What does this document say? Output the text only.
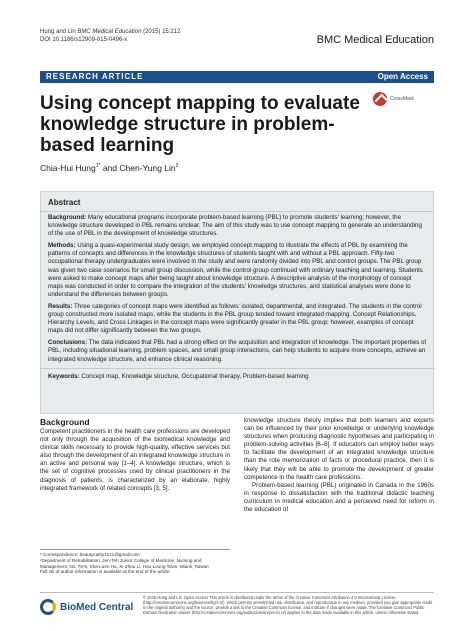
Hung and Lin BMC Medical Education (2015) 15:212
DOI 10.1186/s12909-015-0496-x	BMC Medical Education
RESEARCH ARTICLE	Open Access
Using concept mapping to evaluate knowledge structure in problem-based learning
CrossMark
Chia-Hui Hung$^{1*}$ and Chen-Yung Lin$^2$
Abstract

Background: Many educational programs incorporate problem-based learning (PBL) to promote students' learning; however, the knowledge structure developed in PBL remains unclear. The aim of this study was to use concept mapping to generate an understanding of the use of PBL in the development of knowledge structures.

Methods: Using a quasi-experimental study design, we employed concept mapping to illustrate the effects of PBL by examining the patterns of concepts and differences in the knowledge structures of students taught with and without a PBL approach. Fifty-two occupational therapy undergraduates were involved in the study and were randomly divided into PBL and control groups. The PBL group was given two case scenarios for small group discussion, while the control group continued with ordinary teaching and learning. Students were asked to make concept maps after being taught about knowledge structure. A descriptive analysis of the morphology of concept maps was conducted in order to compare the integration of the students' knowledge structures, and statistical analyses were done to understand the differences between groups.

Results: Three categories of concept maps were identified as follows: isolated, departmental, and integrated. The students in the control group constructed more isolated maps, while the students in the PBL group tended toward integrated mapping. Concept Relationships, Hierarchy Levels, and Cross Linkages in the concept maps were significantly greater in the PBL group; however, examples of concept maps did not differ significantly between the two groups.

Conclusions: The data indicated that PBL had a strong effect on the acquisition and integration of knowledge. The important properties of PBL, including situational learning, problem spaces, and small group interactions, can help students to acquire more concepts, achieve an integrated knowledge structure, and enhance clinical reasoning.

Keywords: Concept map, Knowledge structure, Occupational therapy, Problem-based learning

Background

Competent practitioners in the health care professions are developed not only through the acquisition of the biomedical knowledge and clinical skills necessary to provide high-quality, effective services but also through the development of an integrated knowledge structure in an active and personal way [1–4]. A knowledge structure, which is the set of cognitive processes used by clinical practitioners in the diagnosis of patients, is characterized by an elaborate, highly integrated framework of related concepts [3, 5].

knowledge structure theory implies that both learners and experts can be influenced by their prior knowledge or underlying knowledge structures when producing diagnostic hypotheses and participating in problem-solving activities [6–8]. If educators can employ better ways to facilitate the development of an integrated knowledge structure than the rote memorization of facts or procedural practice, then it is likely that they will be able to promote the development of greater competence in the health care professions.

Problem-based learning (PBL) originated in Canada in the 1960s in response to dissatisfaction with the traditional didactic teaching curriculum in medical education and a perceived need for reform in the education of

* Correspondence: beautycathy1121@gmail.com
¹Department of Rehabilitation, Jen-Teh Junior College of Medicine, Nursing and Management, No. 79-9, Sha-Luen Hu, Xi-Zhou Li, Hou-Loung Town, Miaoli, Taiwan
Full list of author information is available at the end of the article
BioMed Central
© 2015 Hung and Lin. Open Access This article is distributed under the terms of the Creative Commons Attribution 4.0 International License (http://creativecommons.org/licenses/by/4.0/), which permits unrestricted use, distribution, and reproduction in any medium, provided you give appropriate credit to the original author(s) and the source, provide a link to the Creative Commons license, and indicate if changes were made. The Creative Commons Public Domain Dedication waiver (http://creativecommons.org/publicdomain/zero/1.0/) applies to the data made available in this article, unless otherwise stated.
